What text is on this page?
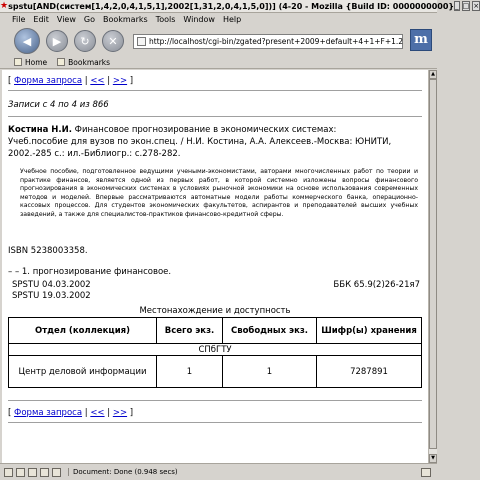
★ spstu[AND(систем[1,4,2,0,4,1,5,1],2002[1,31,2,0,4,1,5,0])] (4-20 - Mozilla {Build ID: 0000000000} _ □ ×
File Edit View Go Bookmarks Tools Window Help
◀ ▶ ↻ ✕	http://localhost/cgi-bin/zgated?present+2009+default+4+1+F+1.2 m
Home	Bookmarks
[ Форма запроса | << | >> ]
Записи с 4 по 4 из 866
Костина Н.И. Финансовое прогнозирование в экономических системах:
Учеб.пособие для вузов по экон.спец. / Н.И. Костина, А.А. Алексеев.-Москва: ЮНИТИ, 2002.-285 с.: ил.-Библиогр.: с.278-282.
Учебное пособие, подготовленное ведущими учеными-экономистами, авторами многочисленных работ по теории и практике финансов, является одной из первых работ, в которой системно изложены вопросы финансового прогнозирования в экономических системах в условиях рыночной экономики на основе использования современных методов и моделей. Впервые рассматриваются автоматные модели работы коммерческого банка, операционно-кассовых процессов. Для студентов экономических факультетов, аспирантов и преподавателей высших учебных заведений, а также для специалистов-практиков финансово-кредитной сферы.
ISBN 5238003358.
– – 1. прогнозирование финансовое.
SPSTU 04.03.2002
SPSTU 19.03.2002
ББК 65.9(2)26-21я7
Местонахождение и доступность
Отдел (коллекция)	Всего экз.	Свободных экз.	Шифр(ы) хранения
СПбГТУ			
Центр деловой информации	1	1	7287891
[ Форма запроса | << | >> ]
▲
▼
Document: Done (0.948 secs)
